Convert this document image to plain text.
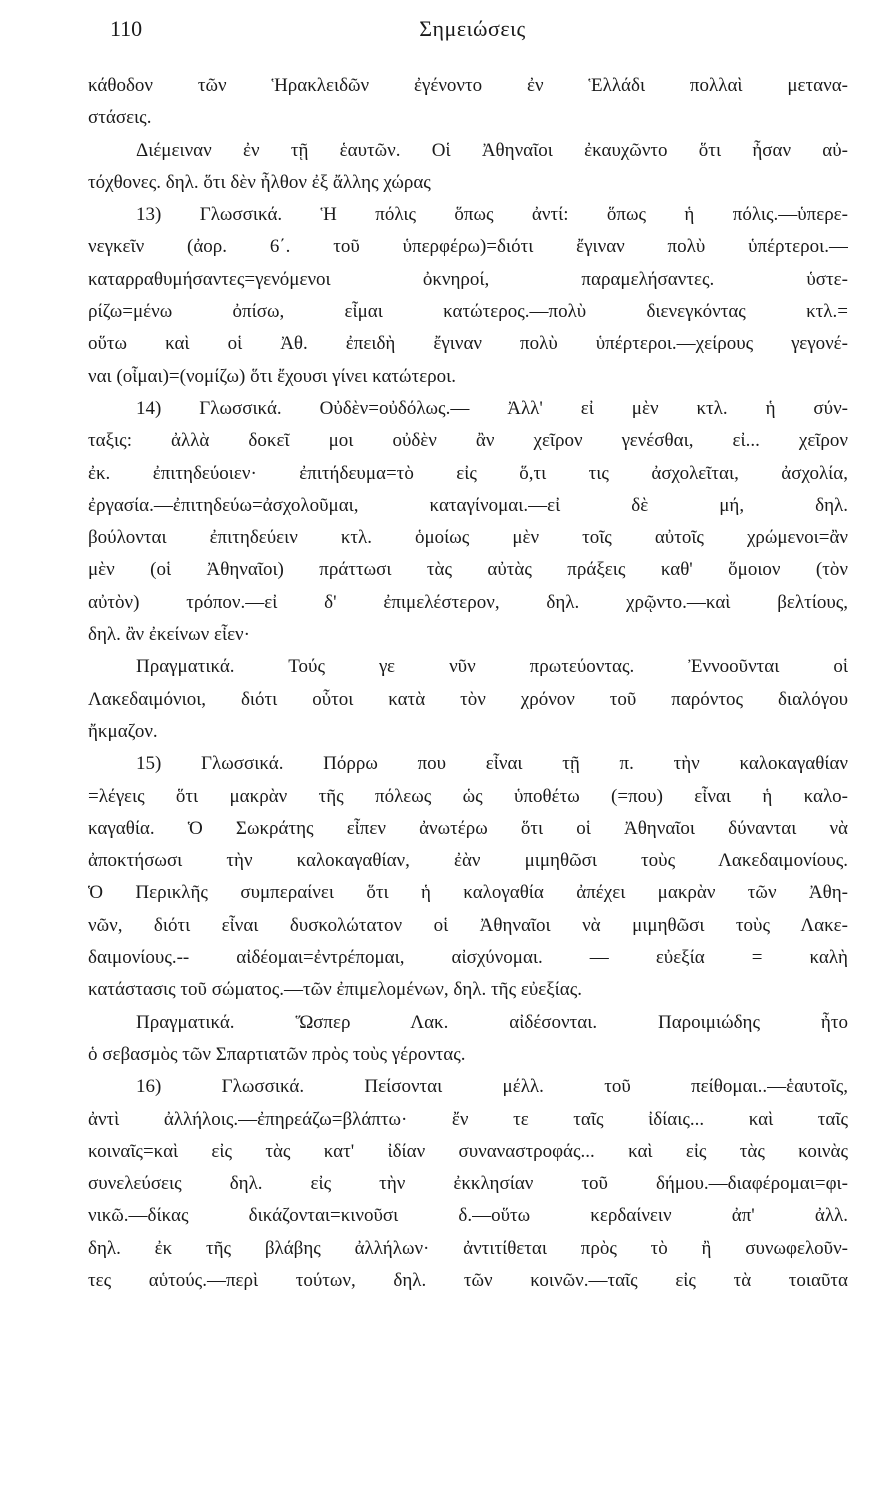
110	Σημειώσεις
κάθοδον τῶν Ἡρακλειδῶν ἐγένοντο ἐν Ἑλλάδι πολλαὶ μετανα-
στάσεις.
Διέμειναν ἐν τῇ ἑαυτῶν. Οἱ Ἀθηναῖοι ἐκαυχῶντο ὅτι ἦσαν αὐ-
τόχθονες. δηλ. ὅτι δὲν ἦλθον ἐξ ἄλλης χώρας
13) Γλωσσικά. Ἡ πόλις ὅπως ἀντί: ὅπως ἡ πόλις.—ὑπερε-
νεγκεῖν (ἀορ. 6΄. τοῦ ὑπερφέρω)=διότι ἔγιναν πολὺ ὑπέρτεροι.—
καταρραθυμήσαντες=γενόμενοι ὀκνηροί, παραμελήσαντες. ὑστε-
ρίζω=μένω ὀπίσω, εἶμαι κατώτερος.—πολὺ διενεγκόντας κτλ.=
οὕτω καὶ οἱ Ἀθ. ἐπειδὴ ἔγιναν πολὺ ὑπέρτεροι.—χείρους γεγονέ-
ναι (οἶμαι)=(νομίζω) ὅτι ἔχουσι γίνει κατώτεροι.
14) Γλωσσικά. Οὐδὲν=οὐδόλως.— Ἀλλ' εἰ μὲν κτλ. ἡ σύν-
ταξις: ἀλλὰ δοκεῖ μοι οὐδὲν ἂν χεῖρον γενέσθαι, εἰ... χεῖρον
ἐκ. ἐπιτηδεύοιεν· ἐπιτήδευμα=τὸ εἰς ὅ,τι τις ἀσχολεῖται, ἀσχολία,
ἐργασία.—ἐπιτηδεύω=ἀσχολοῦμαι, καταγίνομαι.—εἰ δὲ μή, δηλ.
βούλονται ἐπιτηδεύειν κτλ. ὁμοίως μὲν τοῖς αὐτοῖς χρώμενοι=ἂν
μὲν (οἱ Ἀθηναῖοι) πράττωσι τὰς αὐτὰς πράξεις καθ' ὅμοιον (τὸν
αὐτὸν) τρόπον.—εἰ δ' ἐπιμελέστερον, δηλ. χρῷντο.—καὶ βελτίους,
δηλ. ἂν ἐκείνων εἶεν·
Πραγματικά. Τούς γε νῦν πρωτεύοντας. Ἐννοοῦνται οἱ
Λακεδαιμόνιοι, διότι οὗτοι κατὰ τὸν χρόνον τοῦ παρόντος διαλόγου
ἤκμαζον.
15) Γλωσσικά. Πόρρω που εἶναι τῇ π. τὴν καλοκαγαθίαν
=λέγεις ὅτι μακρὰν τῆς πόλεως ὡς ὑποθέτω (=που) εἶναι ἡ καλο-
καγαθία. Ὁ Σωκράτης εἶπεν ἀνωτέρω ὅτι οἱ Ἀθηναῖοι δύνανται νὰ
ἀποκτήσωσι τὴν καλοκαγαθίαν, ἐὰν μιμηθῶσι τοὺς Λακεδαιμονίους.
Ὁ Περικλῆς συμπεραίνει ὅτι ἡ καλογαθία ἀπέχει μακρὰν τῶν Ἀθη-
νῶν, διότι εἶναι δυσκολώτατον οἱ Ἀθηναῖοι νὰ μιμηθῶσι τοὺς Λακε-
δαιμονίους.-- αἰδέομαι=ἐντρέπομαι, αἰσχύνομαι. — εὐεξία = καλὴ
κατάστασις τοῦ σώματος.—τῶν ἐπιμελομένων, δηλ. τῆς εὐεξίας.
Πραγματικά. Ὥσπερ Λακ. αἰδέσονται. Παροιμιώδης ἦτο
ὁ σεβασμὸς τῶν Σπαρτιατῶν πρὸς τοὺς γέροντας.
16) Γλωσσικά. Πείσονται μέλλ. τοῦ πείθομαι..—ἑαυτοῖς,
ἀντὶ ἀλλήλοις.—ἐπηρεάζω=βλάπτω· ἔν τε ταῖς ἰδίαις... καὶ ταῖς
κοιναῖς=καὶ εἰς τὰς κατ' ἰδίαν συναναστροφάς... καὶ εἰς τὰς κοινὰς
συνελεύσεις δηλ. εἰς τὴν ἐκκλησίαν τοῦ δήμου.—διαφέρομαι=φι-
νικῶ.—δίκας δικάζονται=κινοῦσι δ.—οὕτω κερδαίνειν ἀπ' ἀλλ.
δηλ. ἐκ τῆς βλάβης ἀλλήλων· ἀντιτίθεται πρὸς τὸ ἢ συνωφελοῦν-
τες αὑτούς.—περὶ τούτων, δηλ. τῶν κοινῶν.—ταῖς εἰς τὰ τοιαῦτα
